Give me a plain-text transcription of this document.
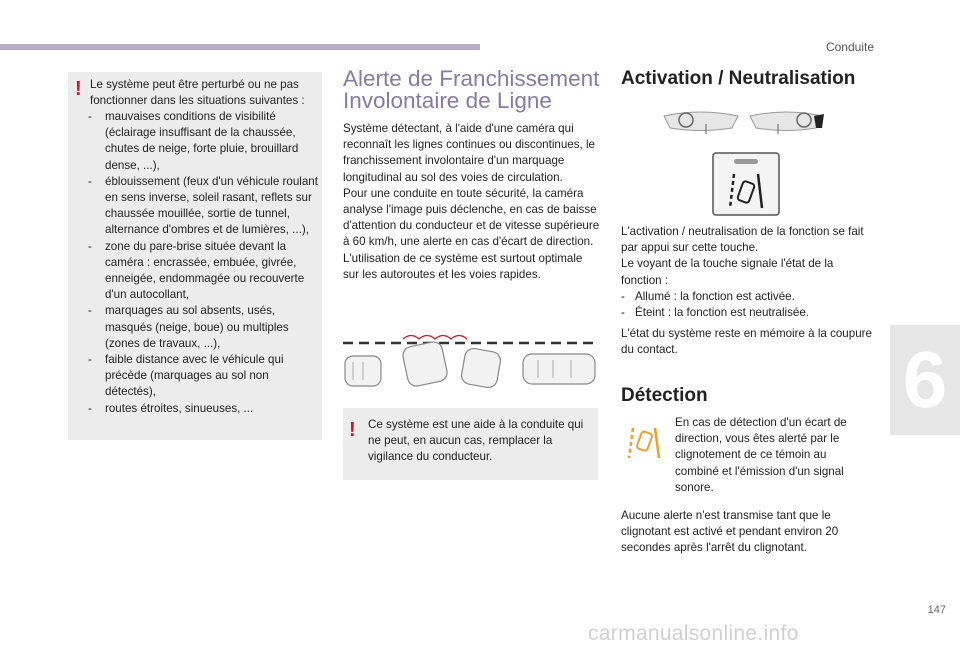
Conduite
6
147
carmanualsonline.info
! Le système peut être perturbé ou ne pas fonctionner dans les situations suivantes :

- mauvaises conditions de visibilité (éclairage insuffisant de la chaussée, chutes de neige, forte pluie, brouillard dense, ...),
- éblouissement (feux d'un véhicule roulant en sens inverse, soleil rasant, reflets sur chaussée mouillée, sortie de tunnel, alternance d'ombres et de lumières, ...),
- zone du pare-brise située devant la caméra : encrassée, embuée, givrée, enneigée, endommagée ou recouverte d'un autocollant,
- marquages au sol absents, usés, masqués (neige, boue) ou multiples (zones de travaux, ...),
- faible distance avec le véhicule qui précède (marquages au sol non détectés),
- routes étroites, sinueuses, ...
Alerte de Franchissement
Involontaire de Ligne

Système détectant, à l'aide d'une caméra qui reconnaît les lignes continues ou discontinues, le franchissement involontaire d'un marquage longitudinal au sol des voies de circulation.
Pour une conduite en toute sécurité, la caméra analyse l'image puis déclenche, en cas de baisse d'attention du conducteur et de vitesse supérieure à 60 km/h, une alerte en cas d'écart de direction.
L'utilisation de ce système est surtout optimale sur les autoroutes et les voies rapides.

! Ce système est une aide à la conduite qui ne peut, en aucun cas, remplacer la vigilance du conducteur.

Activation / Neutralisation

L'activation / neutralisation de la fonction se fait par appui sur cette touche.
Le voyant de la touche signale l'état de la fonction :

- Allumé : la fonction est activée.
- Éteint : la fonction est neutralisée.

L'état du système reste en mémoire à la coupure du contact.

Détection

En cas de détection d'un écart de direction, vous êtes alerté par le clignotement de ce témoin au combiné et l'émission d'un signal sonore.

Aucune alerte n'est transmise tant que le clignotant est activé et pendant environ 20 secondes après l'arrêt du clignotant.
